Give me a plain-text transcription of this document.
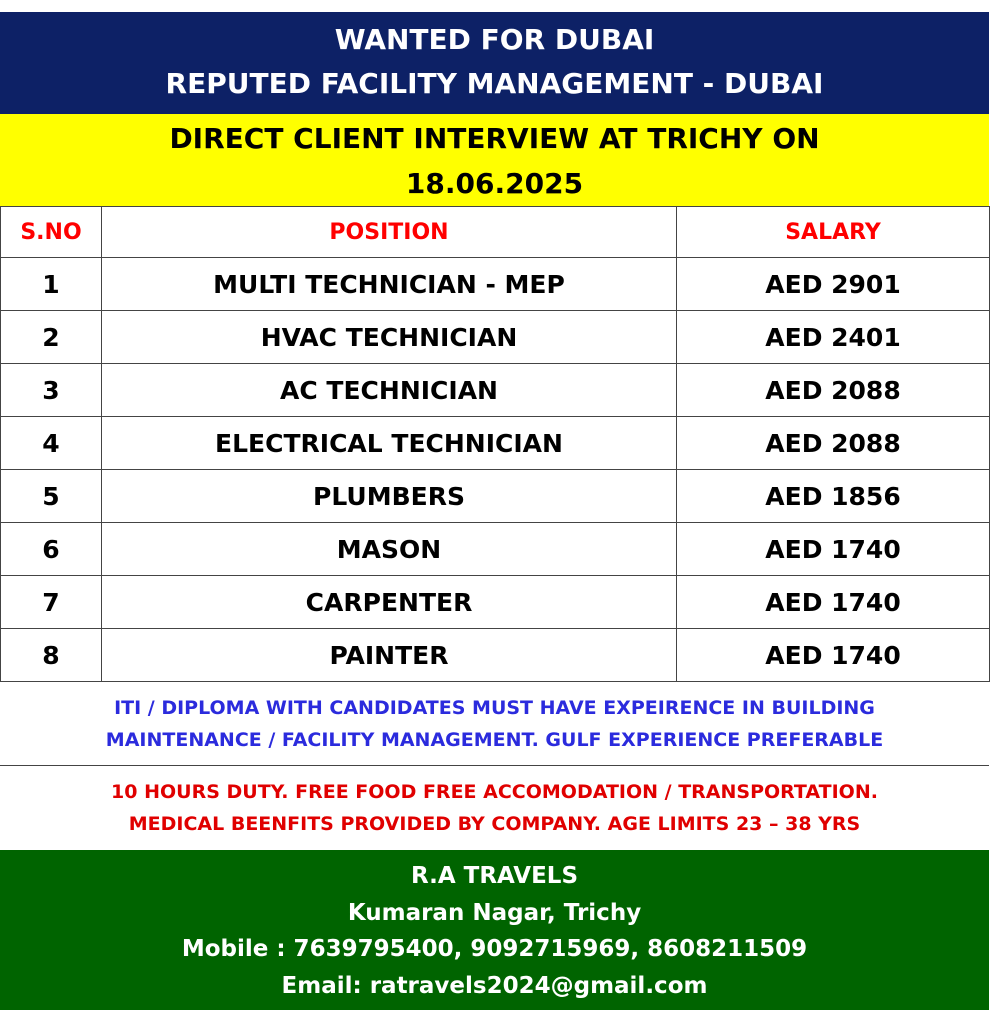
WANTED FOR DUBAI
REPUTED FACILITY MANAGEMENT - DUBAI
DIRECT CLIENT INTERVIEW AT TRICHY ON
18.06.2025
S.NO	POSITION	SALARY
1	MULTI TECHNICIAN - MEP	AED 2901
2	HVAC TECHNICIAN	AED 2401
3	AC TECHNICIAN	AED 2088
4	ELECTRICAL TECHNICIAN	AED 2088
5	PLUMBERS	AED 1856
6	MASON	AED 1740
7	CARPENTER	AED 1740
8	PAINTER	AED 1740
ITI / DIPLOMA WITH CANDIDATES MUST HAVE EXPEIRENCE IN BUILDING
MAINTENANCE / FACILITY MANAGEMENT. GULF EXPERIENCE PREFERABLE
10 HOURS DUTY. FREE FOOD FREE ACCOMODATION / TRANSPORTATION.
MEDICAL BEENFITS PROVIDED BY COMPANY. AGE LIMITS 23 – 38 YRS
R.A TRAVELS
Kumaran Nagar, Trichy
Mobile : 7639795400, 9092715969, 8608211509
Email: ratravels2024@gmail.com
